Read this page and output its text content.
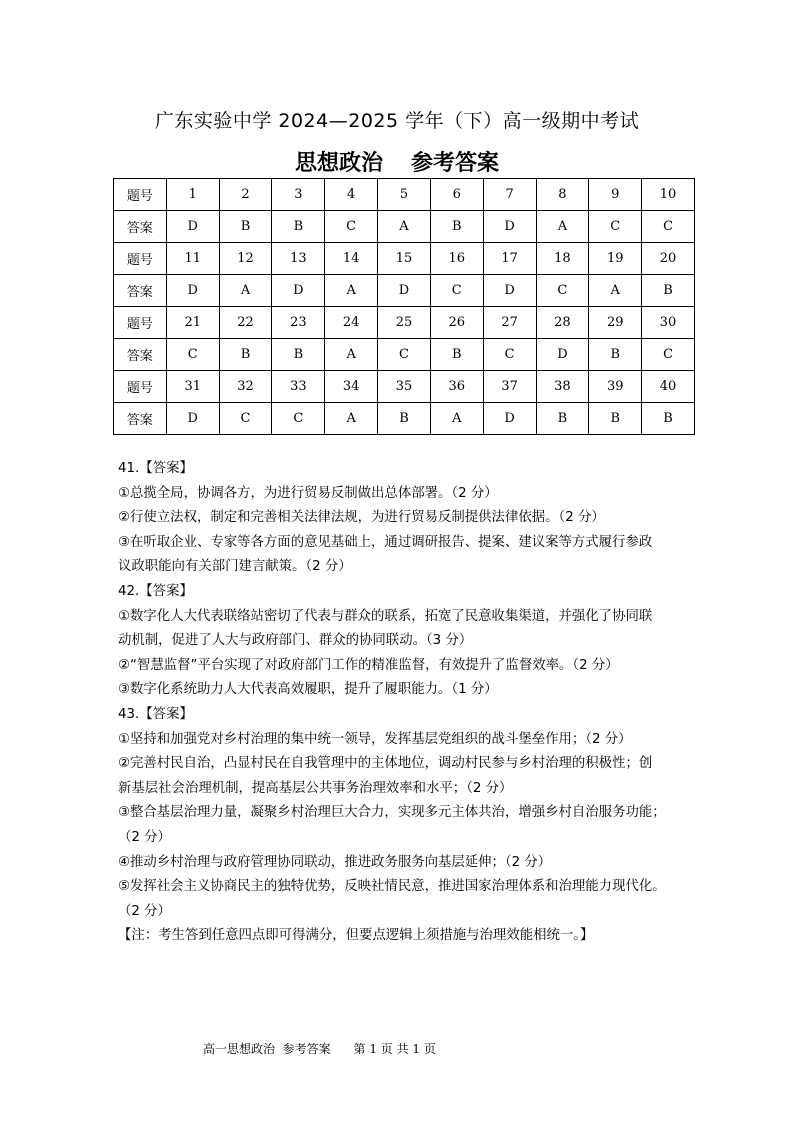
广东实验中学 2024—2025 学年（下）高一级期中考试
思想政治 参考答案
题号	1	2	3	4	5	6	7	8	9	10
答案	D	B	B	C	A	B	D	A	C	C
题号	11	12	13	14	15	16	17	18	19	20
答案	D	A	D	A	D	C	D	C	A	B
题号	21	22	23	24	25	26	27	28	29	30
答案	C	B	B	A	C	B	C	D	B	C
题号	31	32	33	34	35	36	37	38	39	40
答案	D	C	C	A	B	A	D	B	B	B

41.【答案】

①总揽全局，协调各方，为进行贸易反制做出总体部署。（2 分）

②行使立法权，制定和完善相关法律法规，为进行贸易反制提供法律依据。（2 分）

③在听取企业、专家等各方面的意见基础上，通过调研报告、提案、建议案等方式履行参政

议政职能向有关部门建言献策。（2 分）

42.【答案】

①数字化人大代表联络站密切了代表与群众的联系，拓宽了民意收集渠道，并强化了协同联

动机制，促进了人大与政府部门、群众的协同联动。（3 分）

②“智慧监督”平台实现了对政府部门工作的精准监督，有效提升了监督效率。（2 分）

③数字化系统助力人大代表高效履职，提升了履职能力。（1 分）

43.【答案】

①坚持和加强党对乡村治理的集中统一领导，发挥基层党组织的战斗堡垒作用；（2 分）

②完善村民自治，凸显村民在自我管理中的主体地位，调动村民参与乡村治理的积极性；创

新基层社会治理机制，提高基层公共事务治理效率和水平；（2 分）

③整合基层治理力量，凝聚乡村治理巨大合力，实现多元主体共治，增强乡村自治服务功能；

（2 分）

④推动乡村治理与政府管理协同联动，推进政务服务向基层延伸；（2 分）

⑤发挥社会主义协商民主的独特优势，反映社情民意，推进国家治理体系和治理能力现代化。

（2 分）

【注：考生答到任意四点即可得满分，但要点逻辑上须措施与治理效能相统一。】

高一思想政治  参考答案      第 1 页 共 1 页
